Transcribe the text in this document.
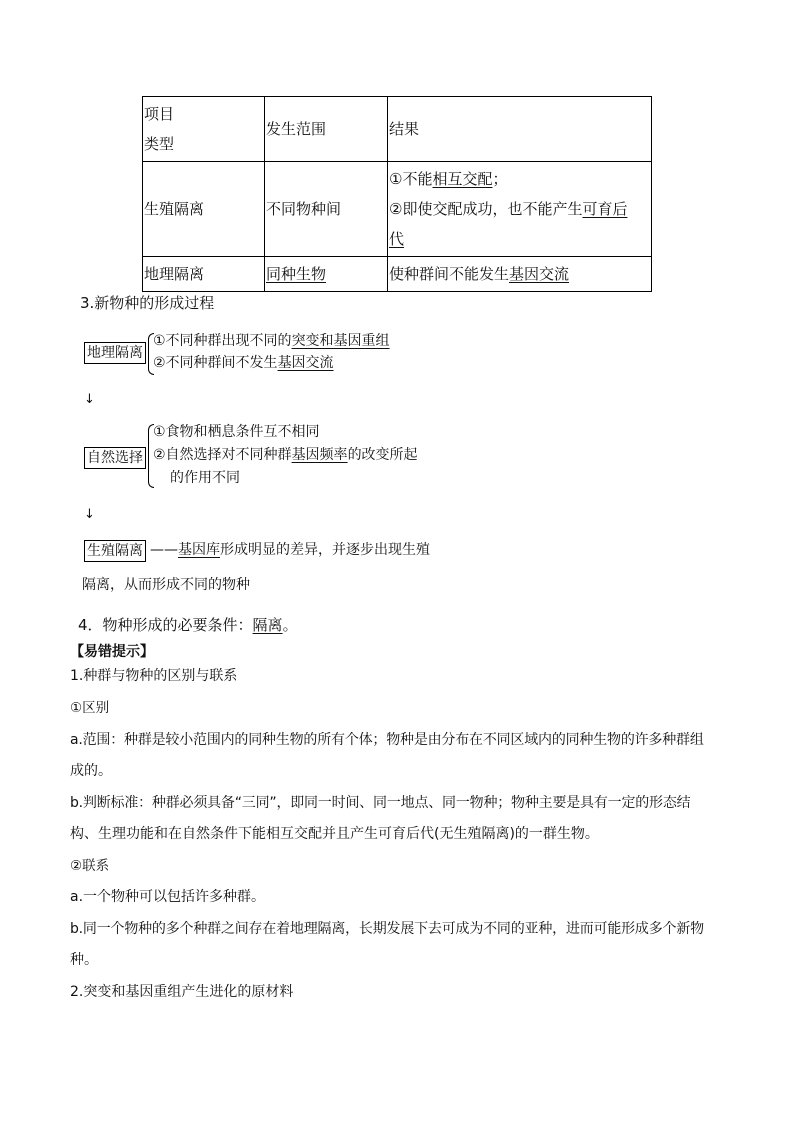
项目
类型	发生范围	结果
生殖隔离	不同物种间	①不能相互交配；
②即使交配成功，也不能产生可育后
代

地理隔离	同种生物	使种群间不能发生基因交流
3.新物种的形成过程
地理隔离
①不同种群出现不同的突变和基因重组
②不同种群间不发生基因交流
↓
自然选择
①食物和栖息条件互不相同
②自然选择对不同种群基因频率的改变所起
的作用不同
↓
生殖隔离 ——基因库形成明显的差异，并逐步出现生殖
隔离，从而形成不同的物种
4．物种形成的必要条件：隔离。
【易错提示】
1.种群与物种的区别与联系
①区别
a.范围：种群是较小范围内的同种生物的所有个体；物种是由分布在不同区域内的同种生物的许多种群组
成的。
b.判断标准：种群必须具备“三同”，即同一时间、同一地点、同一物种；物种主要是具有一定的形态结
构、生理功能和在自然条件下能相互交配并且产生可育后代(无生殖隔离)的一群生物。
②联系
a.一个物种可以包括许多种群。
b.同一个物种的多个种群之间存在着地理隔离，长期发展下去可成为不同的亚种，进而可能形成多个新物
种。
2.突变和基因重组产生进化的原材料
